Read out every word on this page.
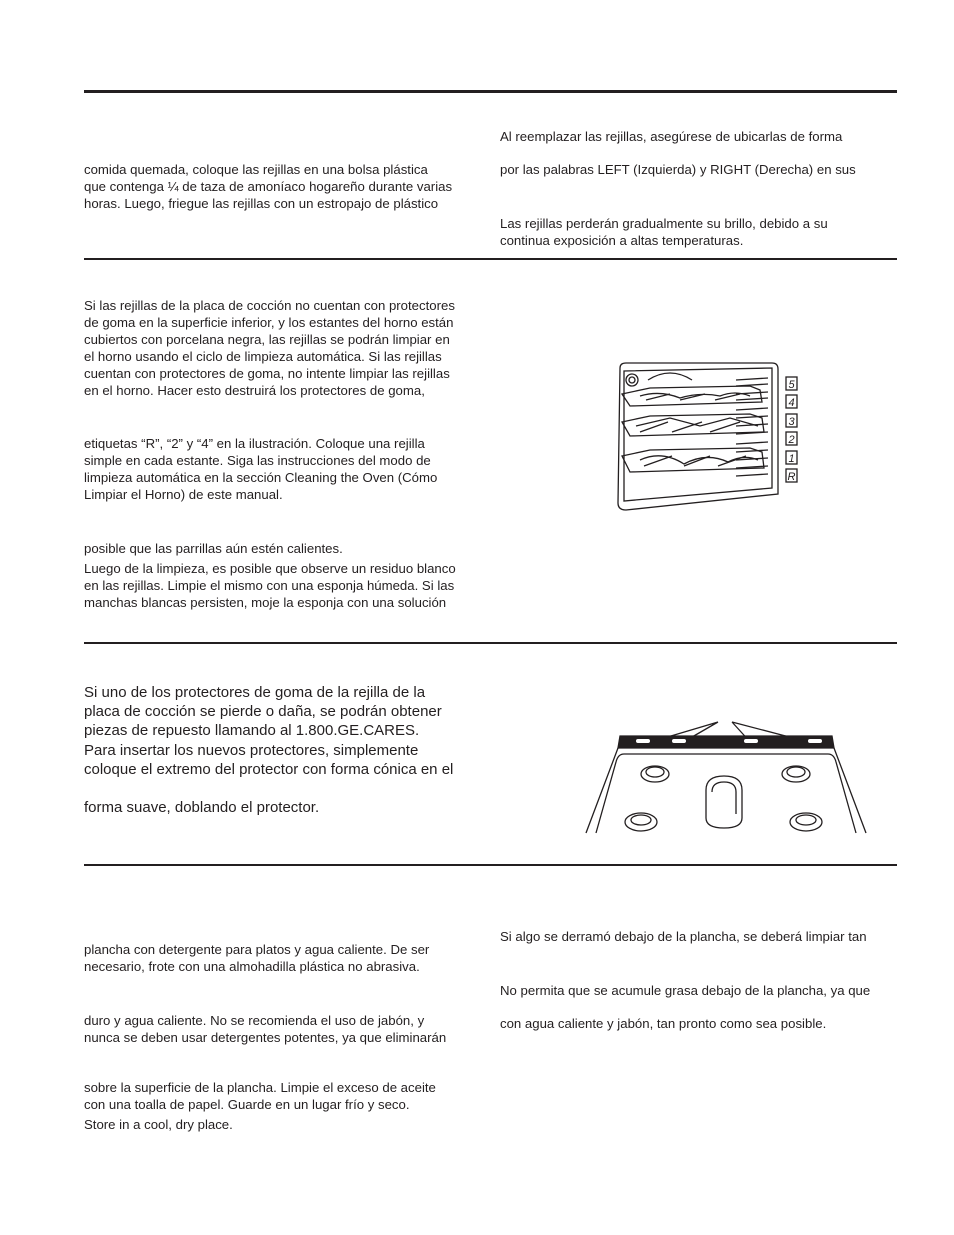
comida quemada, coloque las rejillas en una bolsa plástica
que contenga ¼ de taza de amoníaco hogareño durante varias
horas. Luego, friegue las rejillas con un estropajo de plástico
Al reemplazar las rejillas, asegúrese de ubicarlas de forma
por las palabras LEFT (Izquierda) y RIGHT (Derecha) en sus
Las rejillas perderán gradualmente su brillo, debido a su
continua exposición a altas temperaturas.
Si las rejillas de la placa de cocción no cuentan con protectores
de goma en la superficie inferior, y los estantes del horno están
cubiertos con porcelana negra, las rejillas se podrán limpiar en
el horno usando el ciclo de limpieza automática. Si las rejillas
cuentan con protectores de goma, no intente limpiar las rejillas
en el horno. Hacer esto destruirá los protectores de goma,
etiquetas “R”, “2” y “4” en la ilustración. Coloque una rejilla
simple en cada estante. Siga las instrucciones del modo de
limpieza automática en la sección Cleaning the Oven (Cómo
Limpiar el Horno) de este manual.
posible que las parrillas aún estén calientes.
Luego de la limpieza, es posible que observe un residuo blanco
en las rejillas. Limpie el mismo con una esponja húmeda. Si las
manchas blancas persisten, moje la esponja con una solución
5
4
3
2
1
R
Si uno de los protectores de goma de la rejilla de la
placa de cocción se pierde o daña, se podrán obtener
piezas de repuesto llamando al 1.800.GE.CARES.
Para insertar los nuevos protectores, simplemente
coloque el extremo del protector con forma cónica en el
forma suave, doblando el protector.
plancha con detergente para platos y agua caliente. De ser
necesario, frote con una almohadilla plástica no abrasiva.
duro y agua caliente. No se recomienda el uso de jabón, y
nunca se deben usar detergentes potentes, ya que eliminarán
sobre la superficie de la plancha. Limpie el exceso de aceite
con una toalla de papel. Guarde en un lugar frío y seco.
Store in a cool, dry place.
Si algo se derramó debajo de la plancha, se deberá limpiar tan
No permita que se acumule grasa debajo de la plancha, ya que
con agua caliente y jabón, tan pronto como sea posible.
